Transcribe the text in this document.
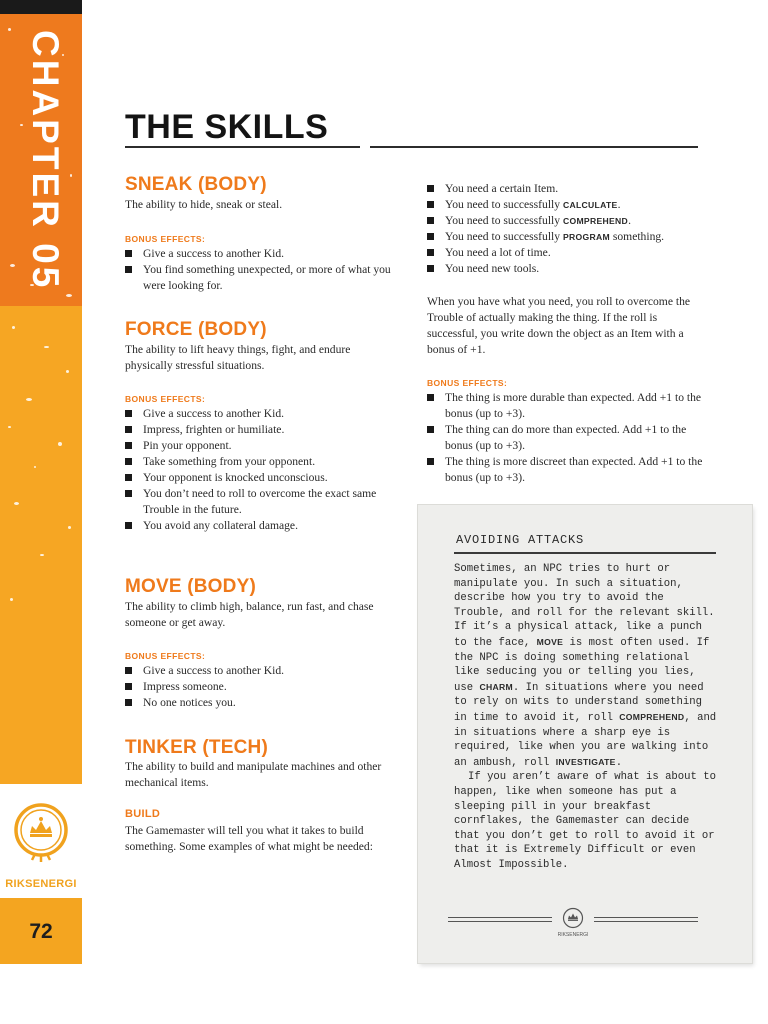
CHAPTER 05
RIKSENERGI
72
THE SKILLS
SNEAK (BODY)

The ability to hide, sneak or steal.

BONUS EFFECTS:
Give a success to another Kid.
You find something unexpected, or more of what you were looking for.
FORCE (BODY)

The ability to lift heavy things, fight, and endure physically stressful situations.

BONUS EFFECTS:
Give a success to another Kid.
Impress, frighten or humiliate.
Pin your opponent.
Take something from your opponent.
Your opponent is knocked unconscious.
You don’t need to roll to overcome the exact same Trouble in the future.
You avoid any collateral damage.
MOVE (BODY)

The ability to climb high, balance, run fast, and chase someone or get away.

BONUS EFFECTS:
Give a success to another Kid.
Impress someone.
No one notices you.
TINKER (TECH)

The ability to build and manipulate machines and other mechanical items.

BUILD

The Gamemaster will tell you what it takes to build something. Some examples of what might be needed:

You need a certain Item.
You need to successfully CALCULATE.
You need to successfully COMPREHEND.
You need to successfully PROGRAM something.
You need a lot of time.
You need new tools.

When you have what you need, you roll to overcome the Trouble of actually making the thing. If the roll is successful, you write down the object as an Item with a bonus of +1.

BONUS EFFECTS:
The thing is more durable than expected. Add +1 to the bonus (up to +3).
The thing can do more than expected. Add +1 to the bonus (up to +3).
The thing is more discreet than expected. Add +1 to the bonus (up to +3).
AVOIDING ATTACKS

Sometimes, an NPC tries to hurt or manipulate you. In such a situation, describe how you try to avoid the Trouble, and roll for the relevant skill. If it’s a physical attack, like a punch to the face, MOVE is most often used. If the NPC is doing something relational like seducing you or telling you lies, use CHARM. In situations where you need to rely on wits to understand something in time to avoid it, roll COMPREHEND, and in situations where a sharp eye is required, like when you are walking into an ambush, roll INVESTIGATE.

If you aren’t aware of what is about to happen, like when someone has put a sleeping pill in your breakfast cornflakes, the Gamemaster can decide that you don’t get to roll to avoid it or that it is Extremely Difficult or even Almost Impossible.

RIKSENERGI
